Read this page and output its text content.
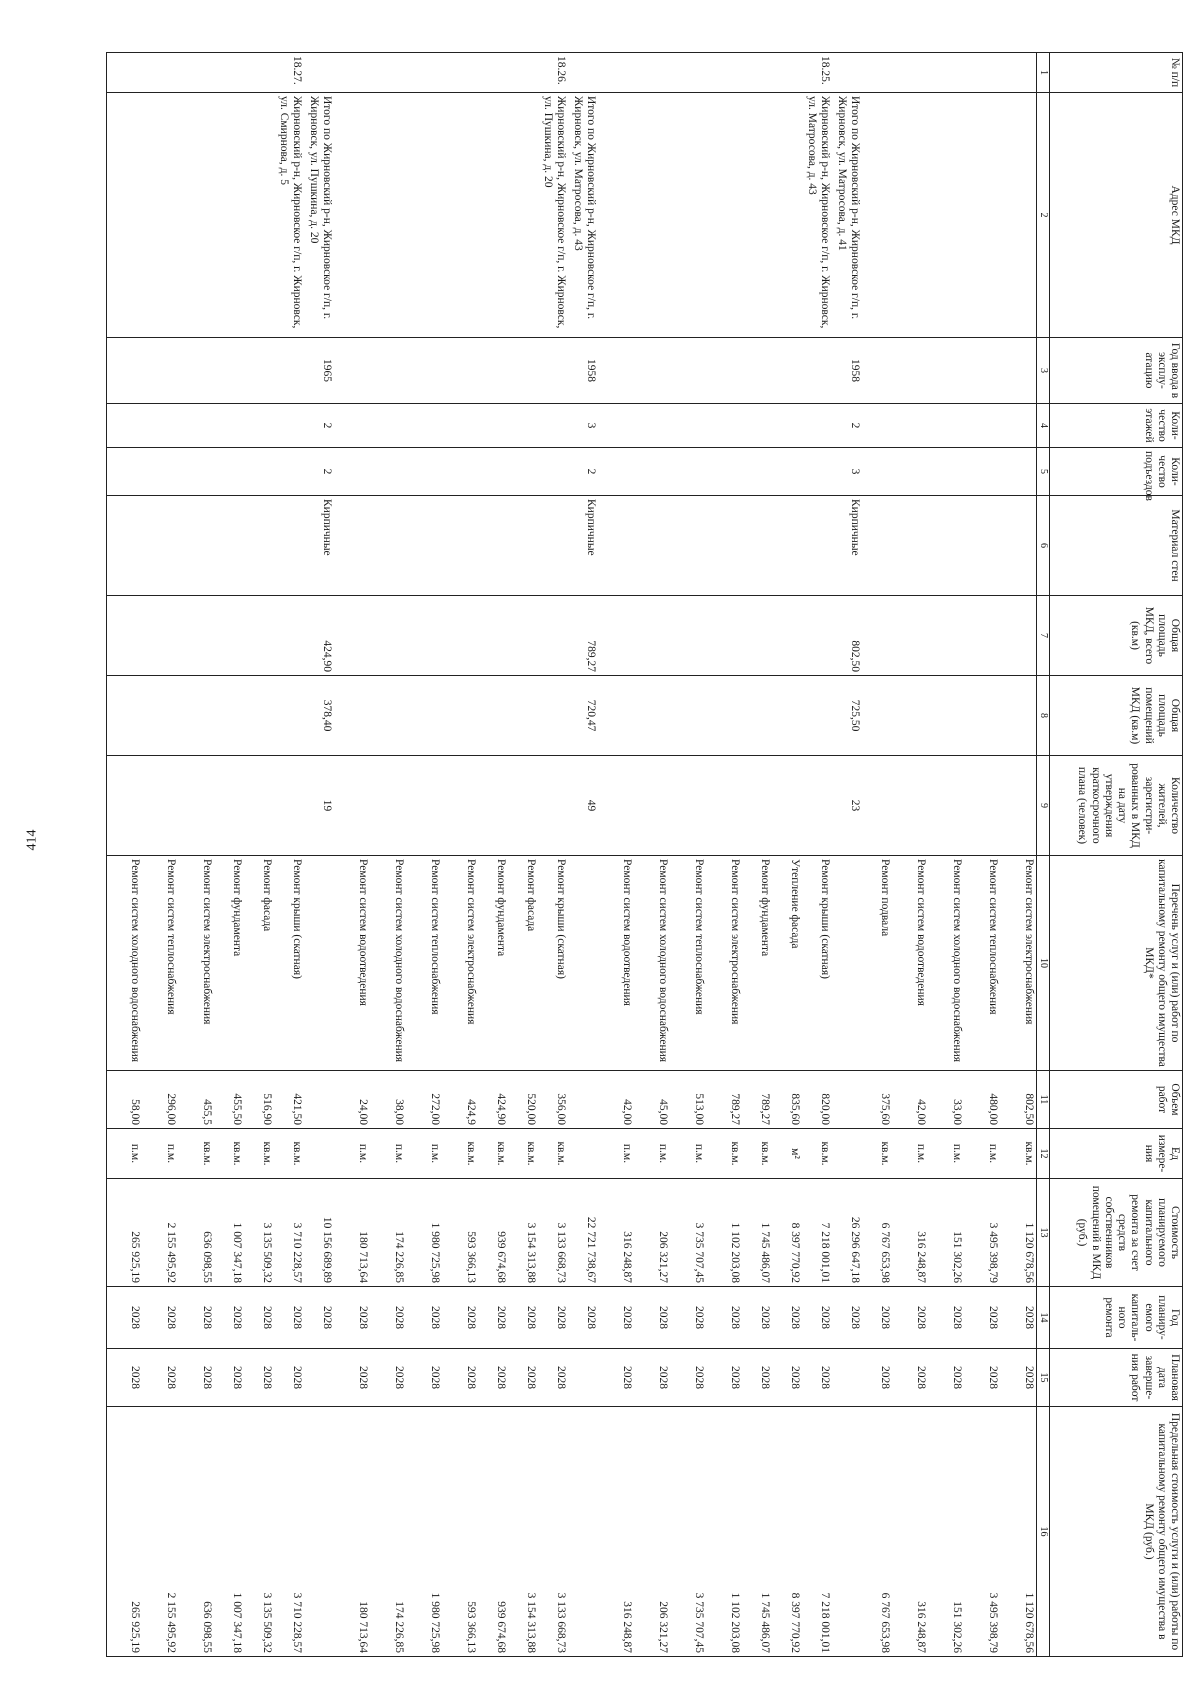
414
№ п/п	Адрес МКД	Год ввода в эксплу-атацию	Коли-чество этажей	Коли-чество подъездов	Материал стен	Общая площадь МКД, всего (кв.м)	Общая площадь помещений МКД (кв.м)	Количество жителей, зарегистри-рованных в МКД на дату утверждения краткосрочного плана (человек)	Перечень услуг и (или) работ по капитальному ремонту общего имущества МКД*	Объем работ	Ед измере-ния	Стоимость планируемого капитального ремонта за счет средств собственников помещений в МКД (руб.)	Год планиру-емого капиталь-ного ремонта	Плановая дата заверше-ния работ	Предельная стоимость услуги и (или) работы по капитальному ремонту общего имущества в МКД (руб.)
1	2	3	4	5	6	7	8	9	10	11	12	13	14	15	16
									Ремонт систем электроснабжения	802,50	кв.м.	1 120 678,56	2028	2028	1 120 678,56
									Ремонт систем теплоснабжения	480,00	п.м.	3 495 398,79	2028	2028	3 495 398,79
									Ремонт систем холодного водоснабжения	33,00	п.м.	151 302,26	2028	2028	151 302,26
									Ремонт систем водоотведения	42,00	п.м.	316 248,87	2028	2028	316 248,87
									Ремонт подвала	375,60	кв.м.	6 767 653,98	2028	2028	6 767 653,98
	Итого по Жирновский р-н, Жирновское г/п, г. Жирновск, ул. Матросова, д. 41	1958	2	3	Кирпичные	802,50	725,50	23				26 296 647,18	2028		
18.25.	Жирновский р-н, Жирновское г/п, г. Жирновск, ул. Матросова, д. 43								Ремонт крыши (скатная)	820,00	кв.м.	7 218 001,01	2028	2028	7 218 001,01
									Утепление фасада	835,60	м²	8 397 770,92	2028	2028	8 397 770,92
									Ремонт фундамента	789,27	кв.м.	1 745 486,07	2028	2028	1 745 486,07
									Ремонт систем электроснабжения	789,27	кв.м.	1 102 203,08	2028	2028	1 102 203,08
									Ремонт систем теплоснабжения	513,00	п.м.	3 735 707,45	2028	2028	3 735 707,45
									Ремонт систем холодного водоснабжения	45,00	п.м.	206 321,27	2028	2028	206 321,27
									Ремонт систем водоотведения	42,00	п.м.	316 248,87	2028	2028	316 248,87
	Итого по Жирновский р-н, Жирновское г/п, г. Жирновск, ул. Матросова, д. 43	1958	3	2	Кирпичные	789,27	720,47	49				22 721 738,67	2028		
18.26.	Жирновский р-н, Жирновское г/п, г. Жирновск, ул. Пушкина, д. 20								Ремонт крыши (скатная)	356,00	кв.м.	3 133 668,73	2028	2028	3 133 668,73
									Ремонт фасада	520,00	кв.м.	3 154 313,88	2028	2028	3 154 313,88
									Ремонт фундамента	424,90	кв.м.	939 674,68	2028	2028	939 674,68
									Ремонт систем электроснабжения	424,9	кв.м.	593 366,13	2028	2028	593 366,13
									Ремонт систем теплоснабжения	272,00	п.м.	1 980 725,98	2028	2028	1 980 725,98
									Ремонт систем холодного водоснабжения	38,00	п.м.	174 226,85	2028	2028	174 226,85
									Ремонт систем водоотведения	24,00	п.м.	180 713,64	2028	2028	180 713,64
	Итого по Жирновский р-н, Жирновское г/п, г. Жирновск, ул. Пушкина, д. 20	1965	2	2	Кирпичные	424,90	378,40	19				10 156 689,89	2028		
18.27.	Жирновский р-н, Жирновское г/п, г. Жирновск, ул. Смирнова, д. 5								Ремонт крыши (скатная)	421,50	кв.м.	3 710 228,57	2028	2028	3 710 228,57
									Ремонт фасада	516,90	кв.м.	3 135 509,32	2028	2028	3 135 509,32
									Ремонт фундамента	455,50	кв.м.	1 007 347,18	2028	2028	1 007 347,18
									Ремонт систем электроснабжения	455,5	кв.м.	636 098,55	2028	2028	636 098,55
									Ремонт систем теплоснабжения	296,00	п.м.	2 155 495,92	2028	2028	2 155 495,92
									Ремонт систем холодного водоснабжения	58,00	п.м.	265 925,19	2028	2028	265 925,19
